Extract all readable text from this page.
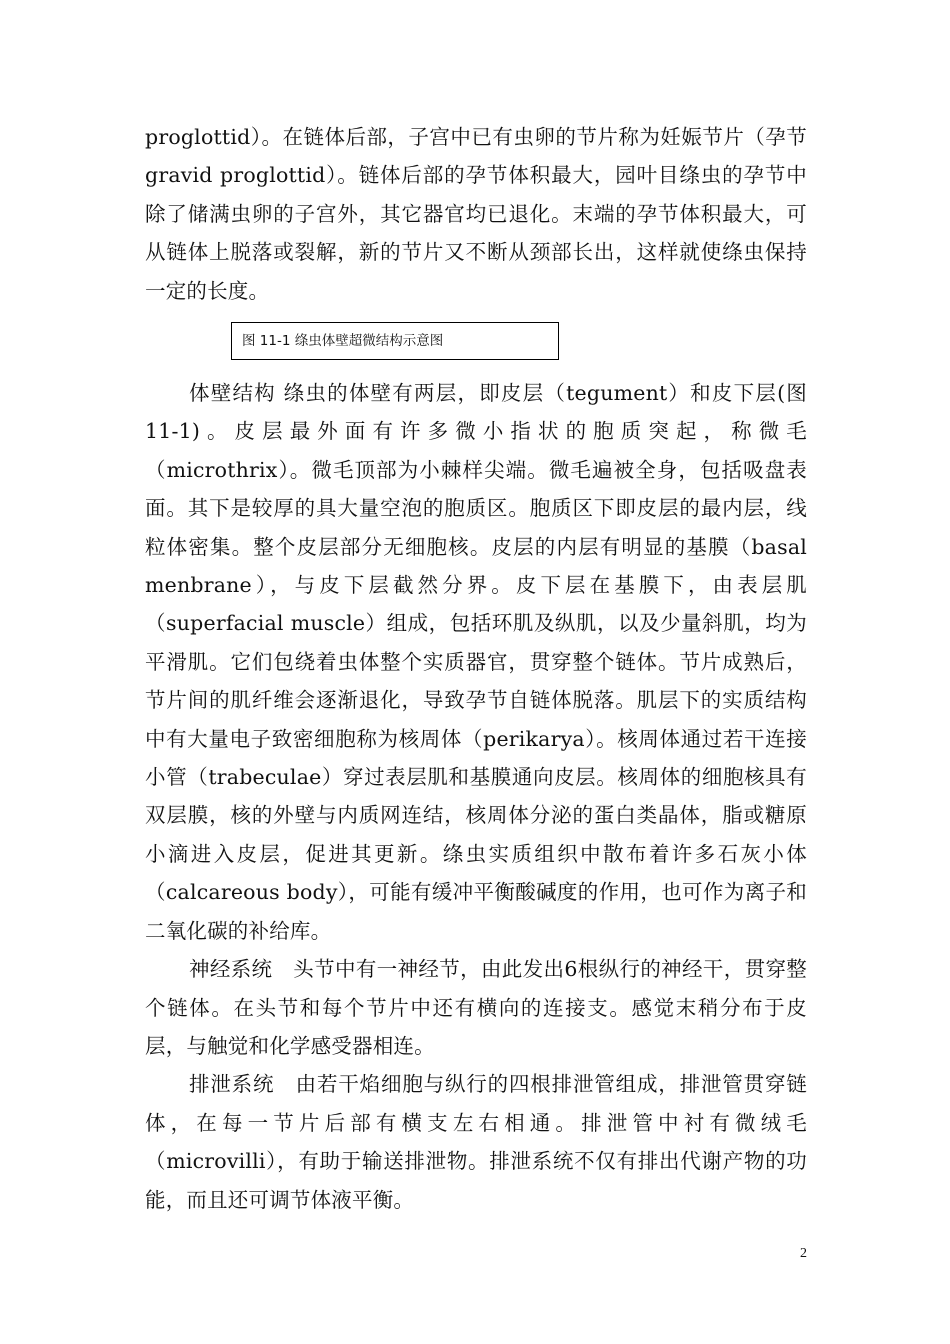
proglottid）。在链体后部，子宫中已有虫卵的节片称为妊娠节片（孕节gravid proglottid）。链体后部的孕节体积最大，园叶目绦虫的孕节中除了储满虫卵的子宫外，其它器官均已退化。末端的孕节体积最大，可从链体上脱落或裂解，新的节片又不断从颈部长出，这样就使绦虫保持一定的长度。

图 11-1 绦虫体壁超微结构示意图

体壁结构 绦虫的体壁有两层，即皮层（tegument）和皮下层(图11-1)。皮层最外面有许多微小指状的胞质突起，称微毛（microthrix）。微毛顶部为小棘样尖端。微毛遍被全身，包括吸盘表面。其下是较厚的具大量空泡的胞质区。胞质区下即皮层的最内层，线粒体密集。整个皮层部分无细胞核。皮层的内层有明显的基膜（basal menbrane），与皮下层截然分界。皮下层在基膜下，由表层肌（superfacial muscle）组成，包括环肌及纵肌，以及少量斜肌，均为平滑肌。它们包绕着虫体整个实质器官，贯穿整个链体。节片成熟后，节片间的肌纤维会逐渐退化，导致孕节自链体脱落。肌层下的实质结构中有大量电子致密细胞称为核周体（perikarya）。核周体通过若干连接小管（trabeculae）穿过表层肌和基膜通向皮层。核周体的细胞核具有双层膜，核的外壁与内质网连结，核周体分泌的蛋白类晶体，脂或糖原小滴进入皮层，促进其更新。绦虫实质组织中散布着许多石灰小体（calcareous body），可能有缓冲平衡酸碱度的作用，也可作为离子和二氧化碳的补给库。

神经系统　头节中有一神经节，由此发出6根纵行的神经干，贯穿整个链体。在头节和每个节片中还有横向的连接支。感觉末稍分布于皮层，与触觉和化学感受器相连。

排泄系统　由若干焰细胞与纵行的四根排泄管组成，排泄管贯穿链体，在每一节片后部有横支左右相通。排泄管中衬有微绒毛（microvilli），有助于输送排泄物。排泄系统不仅有排出代谢产物的功能，而且还可调节体液平衡。

2
